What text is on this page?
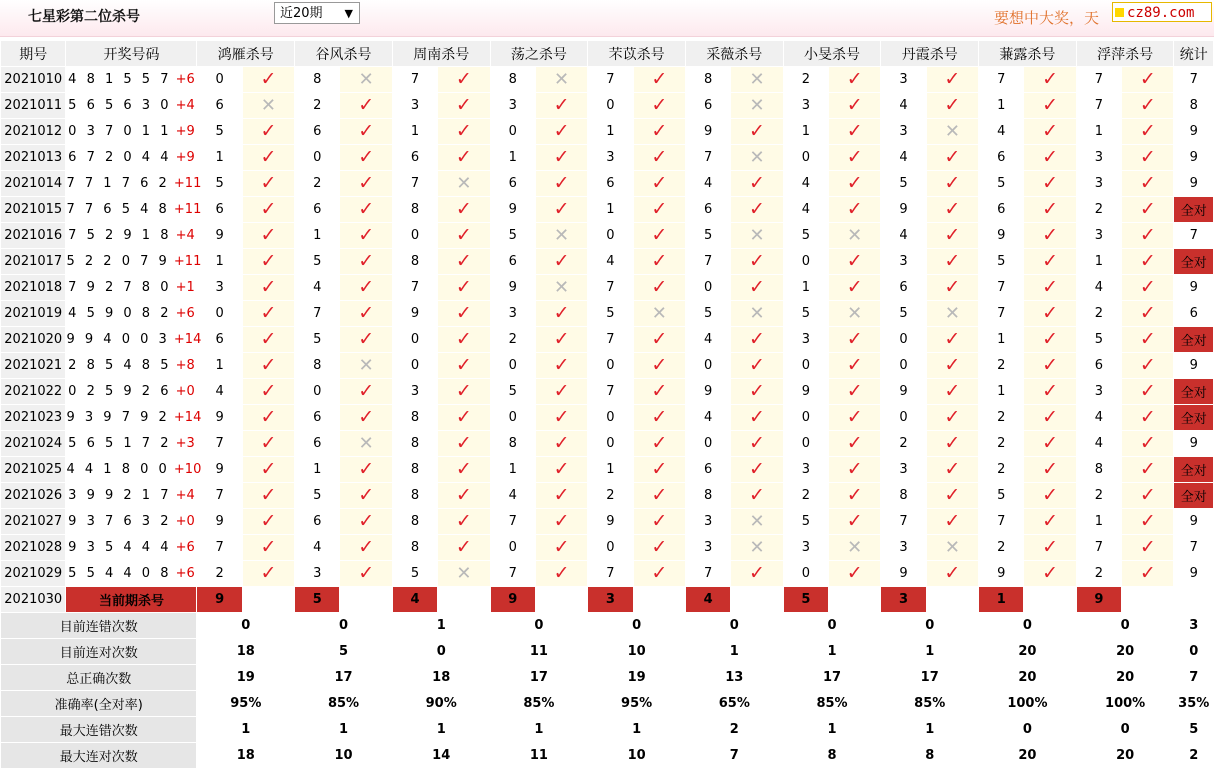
七星彩第二位杀号	近20期 ▼	要想中大奖，天	cz89.com
期号	开奖号码	鸿雁杀号		谷风杀号		周南杀号		荡之杀号		芣苡杀号		采薇杀号		小旻杀号		丹霞杀号		蒹露杀号		浮萍杀号		统计
2021010	4 8 1 5 5 7 +6	0	✓	8	✕	7	✓	8	✕	7	✓	8	✕	2	✓	3	✓	7	✓	7	✓	7
2021011	5 6 5 6 3 0 +4	6	✕	2	✓	3	✓	3	✓	0	✓	6	✕	3	✓	4	✓	1	✓	7	✓	8
2021012	0 3 7 0 1 1 +9	5	✓	6	✓	1	✓	0	✓	1	✓	9	✓	1	✓	3	✕	4	✓	1	✓	9
2021013	6 7 2 0 4 4 +9	1	✓	0	✓	6	✓	1	✓	3	✓	7	✕	0	✓	4	✓	6	✓	3	✓	9
2021014	7 7 1 7 6 2 +11	5	✓	2	✓	7	✕	6	✓	6	✓	4	✓	4	✓	5	✓	5	✓	3	✓	9
2021015	7 7 6 5 4 8 +11	6	✓	6	✓	8	✓	9	✓	1	✓	6	✓	4	✓	9	✓	6	✓	2	✓	全对
2021016	7 5 2 9 1 8 +4	9	✓	1	✓	0	✓	5	✕	0	✓	5	✕	5	✕	4	✓	9	✓	3	✓	7
2021017	5 2 2 0 7 9 +11	1	✓	5	✓	8	✓	6	✓	4	✓	7	✓	0	✓	3	✓	5	✓	1	✓	全对
2021018	7 9 2 7 8 0 +1	3	✓	4	✓	7	✓	9	✕	7	✓	0	✓	1	✓	6	✓	7	✓	4	✓	9
2021019	4 5 9 0 8 2 +6	0	✓	7	✓	9	✓	3	✓	5	✕	5	✕	5	✕	5	✕	7	✓	2	✓	6
2021020	9 9 4 0 0 3 +14	6	✓	5	✓	0	✓	2	✓	7	✓	4	✓	3	✓	0	✓	1	✓	5	✓	全对
2021021	2 8 5 4 8 5 +8	1	✓	8	✕	0	✓	0	✓	0	✓	0	✓	0	✓	0	✓	2	✓	6	✓	9
2021022	0 2 5 9 2 6 +0	4	✓	0	✓	3	✓	5	✓	7	✓	9	✓	9	✓	9	✓	1	✓	3	✓	全对
2021023	9 3 9 7 9 2 +14	9	✓	6	✓	8	✓	0	✓	0	✓	4	✓	0	✓	0	✓	2	✓	4	✓	全对
2021024	5 6 5 1 7 2 +3	7	✓	6	✕	8	✓	8	✓	0	✓	0	✓	0	✓	2	✓	2	✓	4	✓	9
2021025	4 4 1 8 0 0 +10	9	✓	1	✓	8	✓	1	✓	1	✓	6	✓	3	✓	3	✓	2	✓	8	✓	全对
2021026	3 9 9 2 1 7 +4	7	✓	5	✓	8	✓	4	✓	2	✓	8	✓	2	✓	8	✓	5	✓	2	✓	全对
2021027	9 3 7 6 3 2 +0	9	✓	6	✓	8	✓	7	✓	9	✓	3	✕	5	✓	7	✓	7	✓	1	✓	9
2021028	9 3 5 4 4 4 +6	7	✓	4	✓	8	✓	0	✓	0	✓	3	✕	3	✕	3	✕	2	✓	7	✓	7
2021029	5 5 4 4 0 8 +6	2	✓	3	✓	5	✕	7	✓	7	✓	7	✓	0	✓	9	✓	9	✓	2	✓	9
2021030	当前期杀号	9		5		4		9		3		4		5		3		1		9		
目前连错次数		0		0		1		0		0		0		0		0		0		0		3
目前连对次数		18		5		0		11		10		1		1		1		20		20		0
总正确次数		19		17		18		17		19		13		17		17		20		20		7
准确率(全对率)		95%		85%		90%		85%		95%		65%		85%		85%		100%		100%		35%
最大连错次数		1		1		1		1		1		2		1		1		0		0		5
最大连对次数		18		10		14		11		10		7		8		8		20		20		2
